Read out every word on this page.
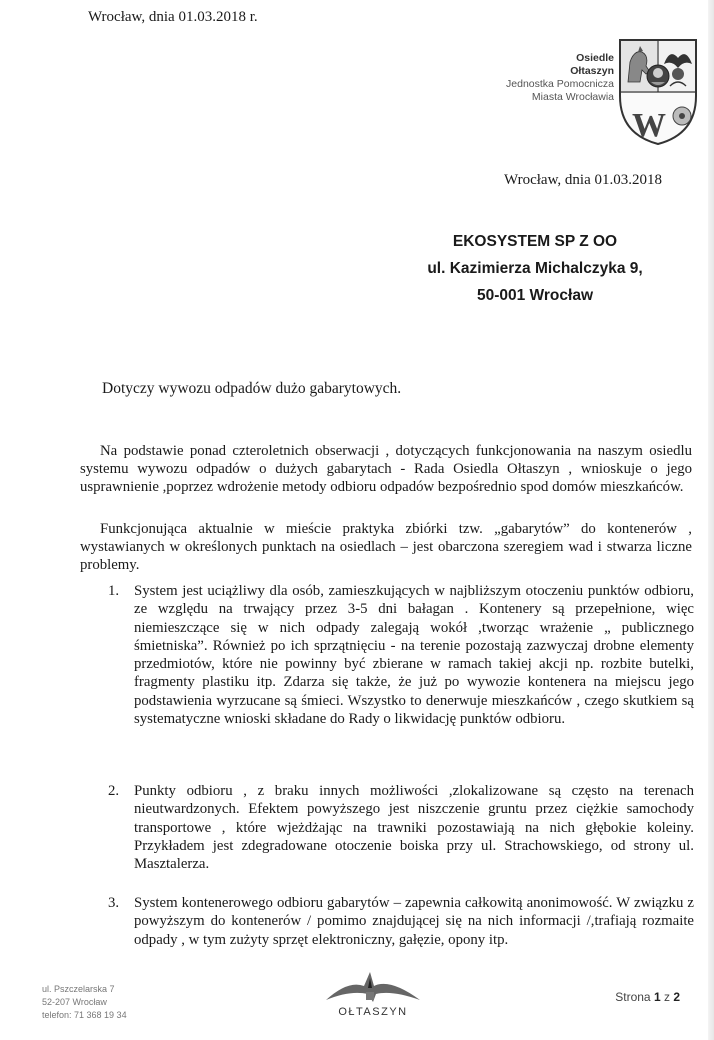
Wrocław, dnia 01.03.2018 r.
Osiedle
Ołtaszyn
Jednostka Pomocnicza
Miasta Wrocławia
W
Wrocław, dnia 01.03.2018
EKOSYSTEM SP Z OO
ul. Kazimierza Michalczyka 9,
50-001 Wrocław
Dotyczy wywozu odpadów dużo gabarytowych.
Na podstawie ponad czteroletnich obserwacji , dotyczących funkcjonowania na naszym osiedlu systemu wywozu odpadów o dużych gabarytach - Rada Osiedla Ołtaszyn , wnioskuje o jego usprawnienie ,poprzez wdrożenie metody odbioru odpadów bezpośrednio spod domów mieszkańców.
Funkcjonująca aktualnie w mieście praktyka zbiórki tzw. „gabarytów” do kontenerów , wystawianych w określonych punktach na osiedlach – jest obarczona szeregiem wad i stwarza liczne problemy.
1. System jest uciążliwy dla osób, zamieszkujących w najbliższym otoczeniu punktów odbioru, ze względu na trwający przez 3-5 dni bałagan . Kontenery są przepełnione, więc niemieszczące się w nich odpady zalegają wokół ,tworząc wrażenie „ publicznego śmietniska”. Również po ich sprzątnięciu - na terenie pozostają zazwyczaj drobne elementy przedmiotów, które nie powinny być zbierane w ramach takiej akcji np. rozbite butelki, fragmenty plastiku itp. Zdarza się także, że już po wywozie kontenera na miejscu jego podstawienia wyrzucane są śmieci. Wszystko to denerwuje mieszkańców , czego skutkiem są systematyczne wnioski składane do Rady o likwidację punktów odbioru.
2. Punkty odbioru , z braku innych możliwości ,zlokalizowane są często na terenach nieutwardzonych. Efektem powyższego jest niszczenie gruntu przez ciężkie samochody transportowe , które wjeżdżając na trawniki pozostawiają na nich głębokie koleiny. Przykładem jest zdegradowane otoczenie boiska przy ul. Strachowskiego, od strony ul. Masztalerza.
3. System kontenerowego odbioru gabarytów – zapewnia całkowitą anonimowość. W związku z powyższym do kontenerów / pomimo znajdującej się na nich informacji /,trafiają rozmaite odpady , w tym zużyty sprzęt elektroniczny, gałęzie, opony itp.
ul. Pszczelarska 7
52-207 Wrocław
telefon: 71 368 19 34	OŁTASZYN
Strona 1 z 2
